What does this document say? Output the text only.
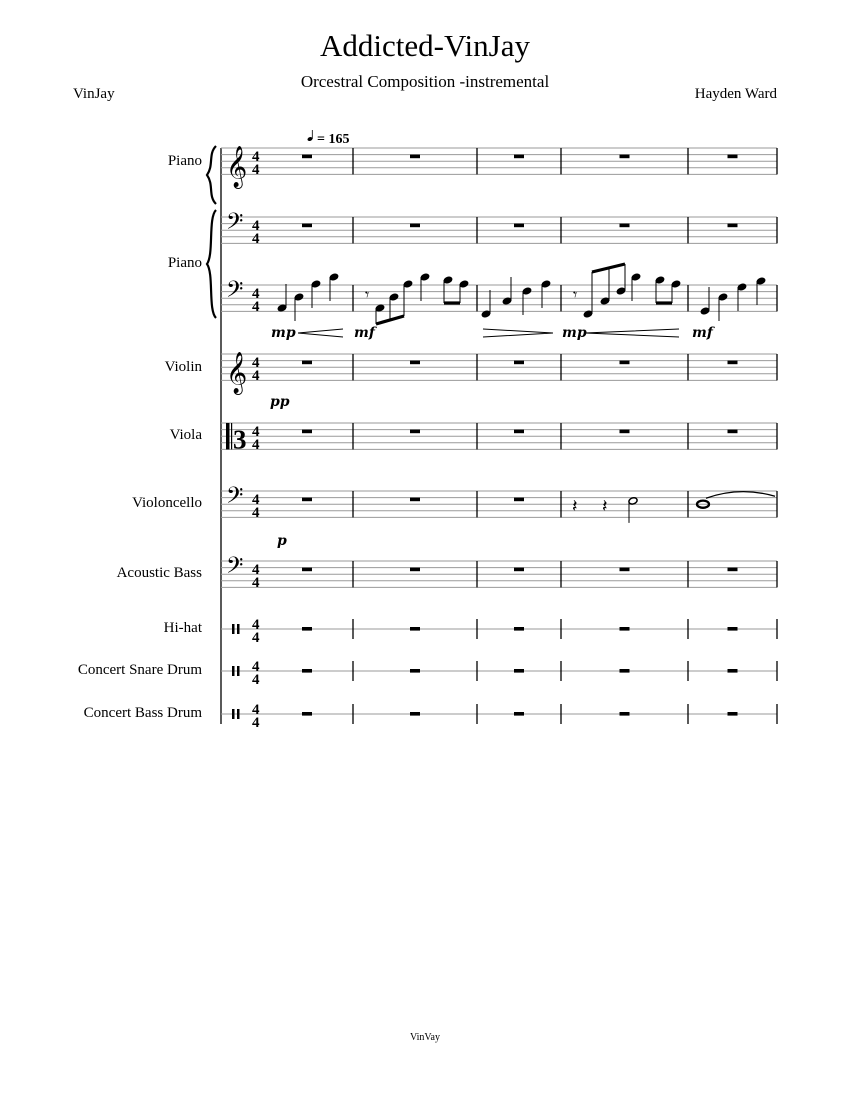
Addicted-VinJay
Orcestral Composition -instremental
VinJay	Hayden Ward
Piano
Piano
Violin
Viola
Violoncello
Acoustic Bass
Hi-hat
Concert Snare Drum
Concert Bass Drum
𝄞 4
4
𝄢 4
4
𝄢 4
4
𝄞 4
4
3 4
4
𝄢 4
4	𝄽 𝄽
𝄢 4
4
4
4
4
4
4
4
𝄾	𝄾
mp	mf	mp	mf
pp
p
= 165
VinVay
